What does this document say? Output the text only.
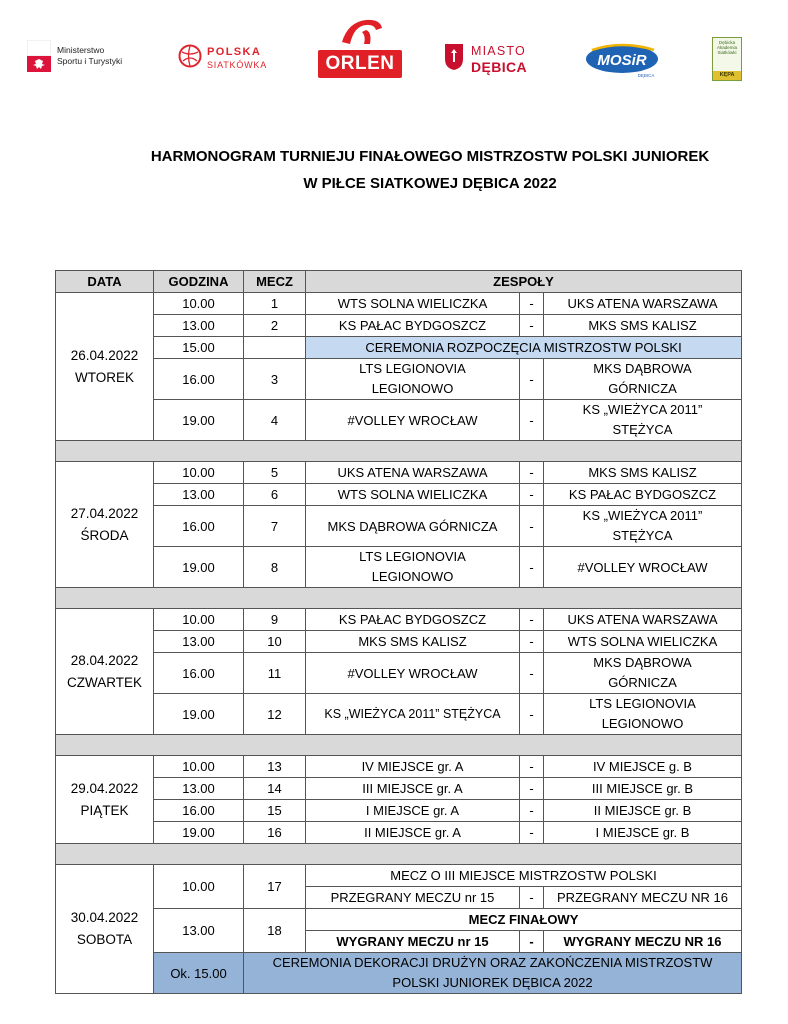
Ministerstwo
Sportu i Turystyki
POLSKA
SIATKÓWKA	ORLEN
MIASTO
DĘBICA	MOSiR
DĘBICA
Dębicka
Akademia
Siatkówki
KĘPA
HARMONOGRAM TURNIEJU FINAŁOWEGO MISTRZOSTW POLSKI JUNIOREK
W PIŁCE SIATKOWEJ DĘBICA 2022
DATA	GODZINA	MECZ	ZESPOŁY		

26.04.2022
WTOREK	10.00	1	WTS SOLNA WIELICZKA	-	UKS ATENA WARSZAWA
	13.00	2	KS PAŁAC BYDGOSZCZ	-	MKS SMS KALISZ
	15.00		CEREMONIA ROZPOCZĘCIA MISTRZOSTW POLSKI		
	16.00	3	LTS LEGIONOVIA LEGIONOWO	-	MKS DĄBROWA GÓRNICZA
	19.00	4	#VOLLEY WROCŁAW	-	KS „WIEŻYCA 2011” STĘŻYCA

27.04.2022
ŚRODA	10.00	5	UKS ATENA WARSZAWA	-	MKS SMS KALISZ
	13.00	6	WTS SOLNA WIELICZKA	-	KS PAŁAC BYDGOSZCZ
	16.00	7	MKS DĄBROWA GÓRNICZA	-	KS „WIEŻYCA 2011” STĘŻYCA
	19.00	8	LTS LEGIONOVIA LEGIONOWO	-	#VOLLEY WROCŁAW

28.04.2022
CZWARTEK	10.00	9	KS PAŁAC BYDGOSZCZ	-	UKS ATENA WARSZAWA
	13.00	10	MKS SMS KALISZ	-	WTS SOLNA WIELICZKA
	16.00	11	#VOLLEY WROCŁAW	-	MKS DĄBROWA GÓRNICZA
	19.00	12	KS „WIEŻYCA 2011” STĘŻYCA	-	LTS LEGIONOVIA LEGIONOWO

29.04.2022
PIĄTEK	10.00	13	IV MIEJSCE gr. A	-	IV MIEJSCE g. B
	13.00	14	III MIEJSCE gr. A	-	III MIEJSCE gr. B
	16.00	15	I MIEJSCE gr. A	-	II MIEJSCE gr. B
	19.00	16	II MIEJSCE gr. A	-	I MIEJSCE gr. B

30.04.2022
SOBOTA	10.00	17	MECZ O III MIEJSCE MISTRZOSTW POLSKI		
			PRZEGRANY MECZU nr 15	-	PRZEGRANY MECZU NR 16
	13.00	18	MECZ FINAŁOWY		
			WYGRANY MECZU nr 15	-	WYGRANY MECZU NR 16
	Ok. 15.00	CEREMONIA DEKORACJI DRUŻYN ORAZ ZAKOŃCZENIA MISTRZOSTW POLSKI JUNIOREK DĘBICA 2022			
